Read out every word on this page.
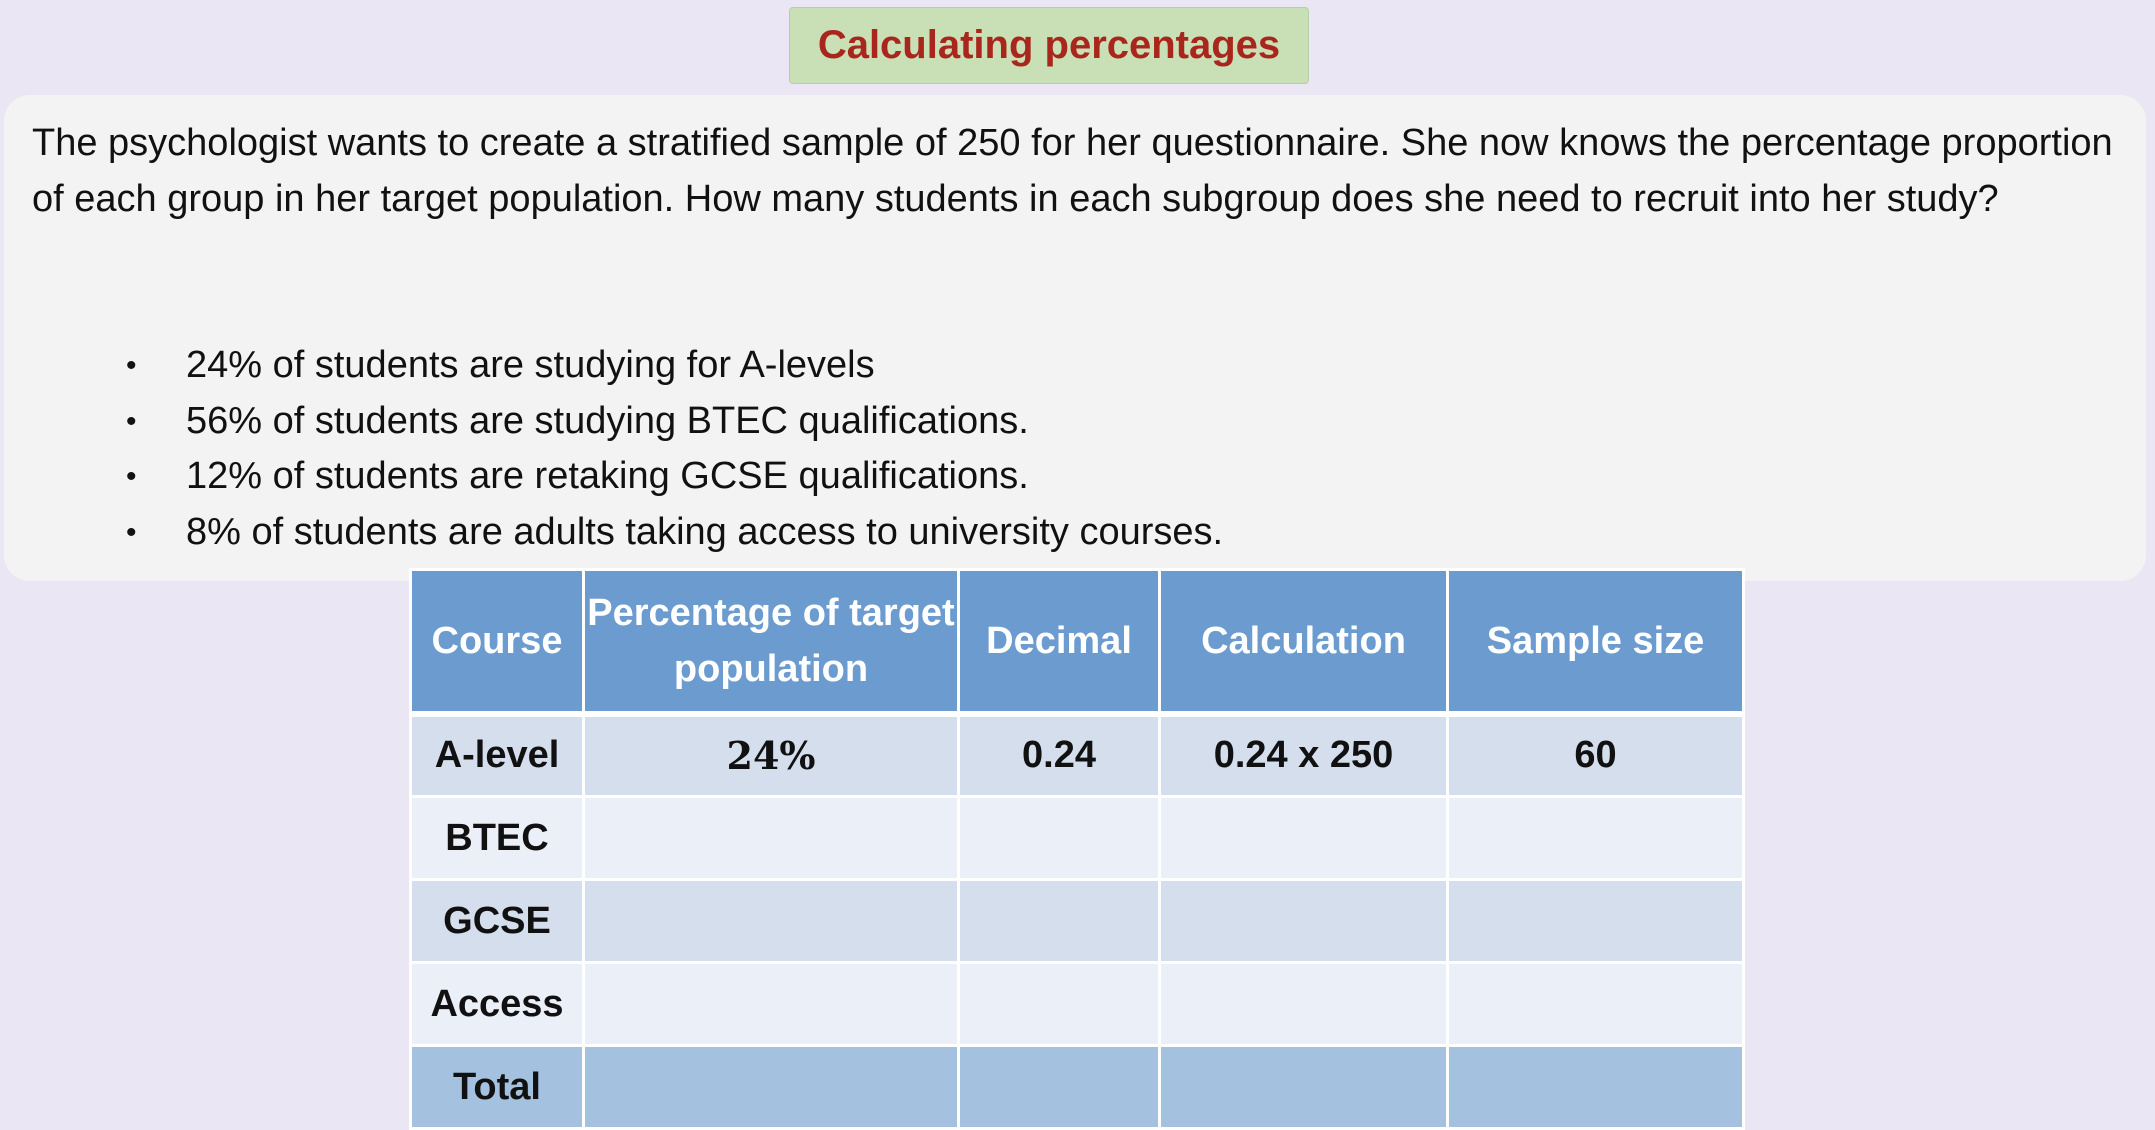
Calculating percentages
The psychologist wants to create a stratified sample of 250 for her questionnaire. She now knows the percentage proportion of each group in her target population. How many students in each subgroup does she need to recruit into her study?
• 24% of students are studying for A-levels
• 56% of students are studying BTEC qualifications.
• 12% of students are retaking GCSE qualifications.
• 8% of students are adults taking access to university courses.
Course	Percentage of target population	Decimal	Calculation	Sample size
A-level	24%	0.24	0.24 x 250	60
BTEC				
GCSE				
Access				
Total				
